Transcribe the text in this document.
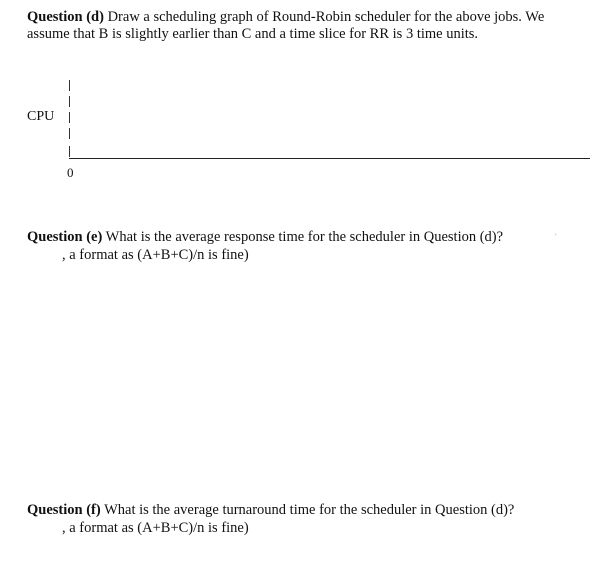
Question (d) Draw a scheduling graph of Round-Robin scheduler for the above jobs. We
assume that B is slightly earlier than C and a time slice for RR is 3 time units.
CPU
0
Question (e) What is the average response time for the scheduler in Question (d)?	'
, a format as (A+B+C)/n is fine)
Question (f) What is the average turnaround time for the scheduler in Question (d)?
, a format as (A+B+C)/n is fine)
